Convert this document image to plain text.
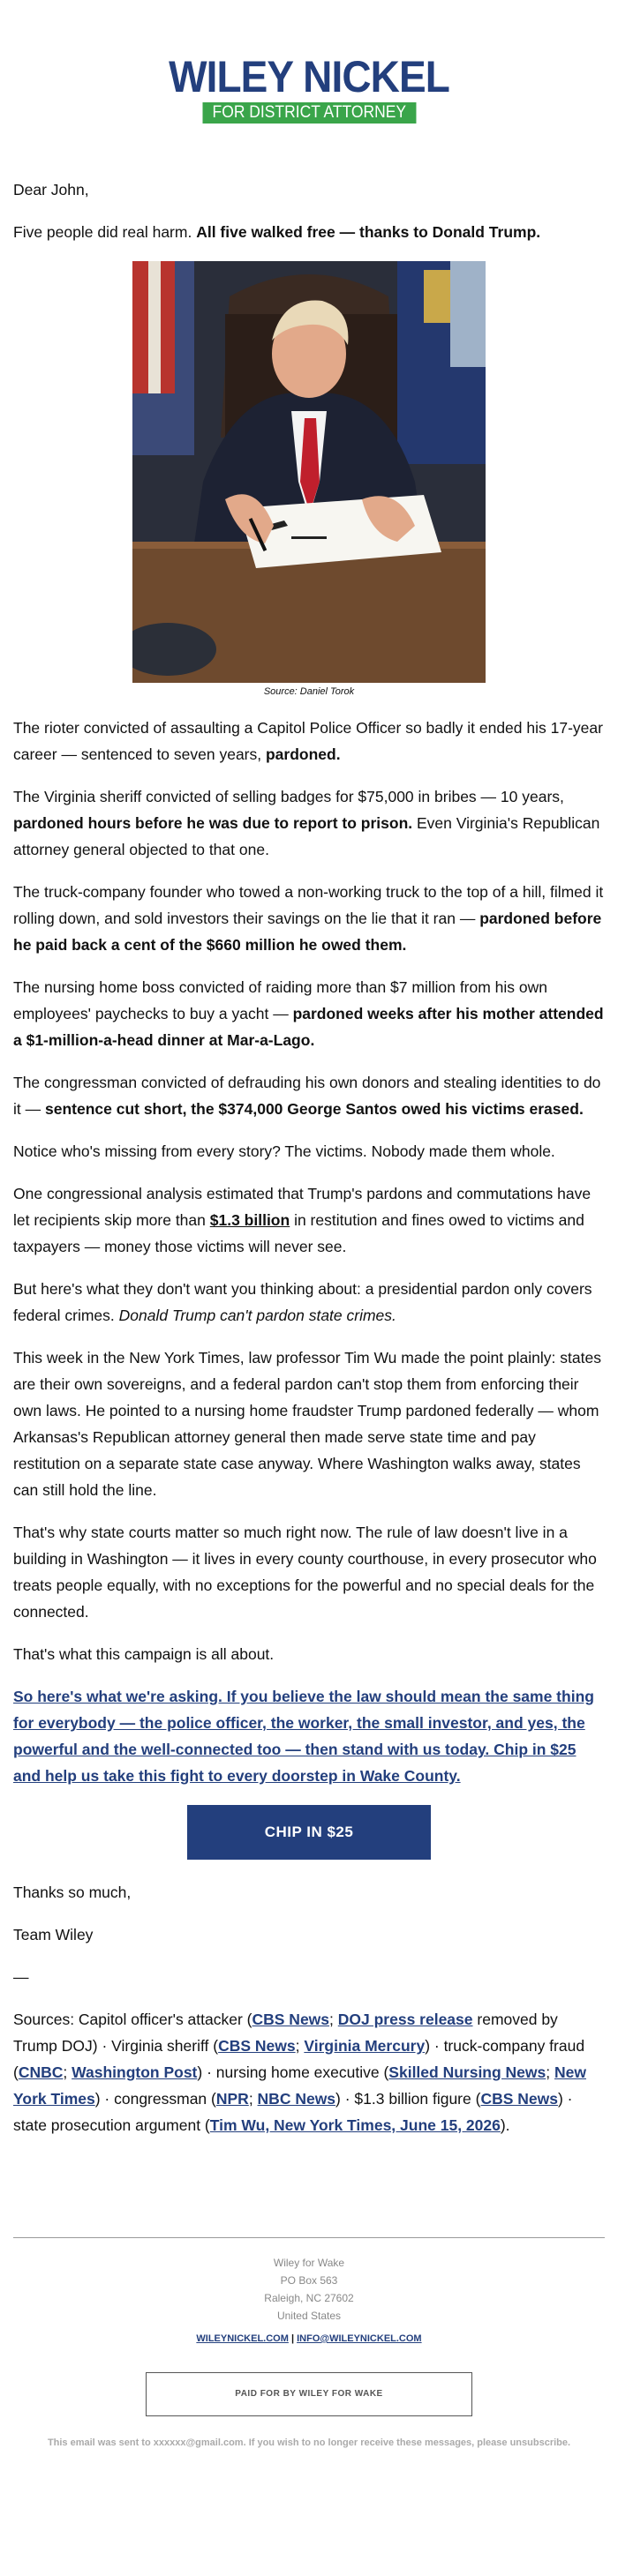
WILEY NICKEL
FOR DISTRICT ATTORNEY

Dear John,

Five people did real harm. All five walked free — thanks to Donald Trump.

Source: Daniel Torok

The rioter convicted of assaulting a Capitol Police Officer so badly it ended his 17-year career — sentenced to seven years, pardoned.

The Virginia sheriff convicted of selling badges for $75,000 in bribes — 10 years, pardoned hours before he was due to report to prison. Even Virginia's Republican attorney general objected to that one.

The truck-company founder who towed a non-working truck to the top of a hill, filmed it rolling down, and sold investors their savings on the lie that it ran — pardoned before he paid back a cent of the $660 million he owed them.

The nursing home boss convicted of raiding more than $7 million from his own employees' paychecks to buy a yacht — pardoned weeks after his mother attended a $1-million-a-head dinner at Mar-a-Lago.

The congressman convicted of defrauding his own donors and stealing identities to do it — sentence cut short, the $374,000 George Santos owed his victims erased.

Notice who's missing from every story? The victims. Nobody made them whole.

One congressional analysis estimated that Trump's pardons and commutations have let recipients skip more than $1.3 billion in restitution and fines owed to victims and taxpayers — money those victims will never see.

But here's what they don't want you thinking about: a presidential pardon only covers federal crimes. Donald Trump can't pardon state crimes.

This week in the New York Times, law professor Tim Wu made the point plainly: states are their own sovereigns, and a federal pardon can't stop them from enforcing their own laws. He pointed to a nursing home fraudster Trump pardoned federally — whom Arkansas's Republican attorney general then made serve state time and pay restitution on a separate state case anyway. Where Washington walks away, states can still hold the line.

That's why state courts matter so much right now. The rule of law doesn't live in a building in Washington — it lives in every county courthouse, in every prosecutor who treats people equally, with no exceptions for the powerful and no special deals for the connected.

That's what this campaign is all about.

So here's what we're asking. If you believe the law should mean the same thing for everybody — the police officer, the worker, the small investor, and yes, the powerful and the well-connected too — then stand with us today. Chip in $25 and help us take this fight to every doorstep in Wake County.

CHIP IN $25

Thanks so much,

Team Wiley

—

Sources: Capitol officer's attacker (CBS News; DOJ press release removed by Trump DOJ) · Virginia sheriff (CBS News; Virginia Mercury) · truck-company fraud (CNBC; Washington Post) · nursing home executive (Skilled Nursing News; New York Times) · congressman (NPR; NBC News) · $1.3 billion figure (CBS News) · state prosecution argument (Tim Wu, New York Times, June 15, 2026).

Wiley for Wake
PO Box 563
Raleigh, NC 27602
United States
WILEYNICKEL.COM | INFO@WILEYNICKEL.COM
PAID FOR BY WILEY FOR WAKE
This email was sent to xxxxxx@gmail.com. If you wish to no longer receive these messages, please unsubscribe.
